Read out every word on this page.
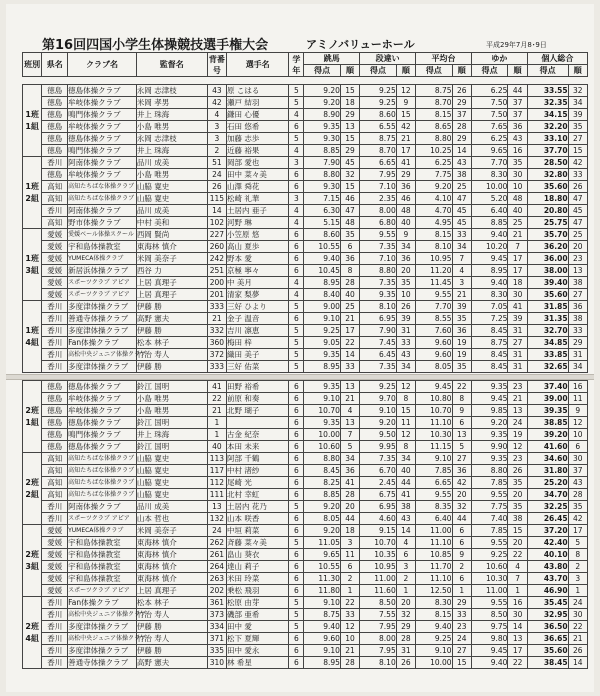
第16回四国小学生体操競技選手権大会	アミノバリューホール	平成29年7月8･9日
班別	県名	クラブ名	監督名	背番号	選手名	学年	跳馬		段違い		平均台		ゆか		個人総合	
							得点	順	得点	順	得点	順	得点	順	得点	順
1班1組	徳島	徳島体操クラブ	永岡 志津枝	43	原 こはる	5	9.20	15	9.25	12	8.75	26	6.25	44	33.55	32
	徳島	牟岐体操クラブ	米岡 孝男	42	瀬戸 結羽	5	9.20	18	9.25	9	8.70	29	7.50	37	32.35	34
	徳島	鳴門体操クラブ	井上 珠海	4	鎌田 心優	4	8.90	29	8.60	15	8.15	37	7.50	37	34.15	39
	徳島	牟岐体操クラブ	小島 唯男	3	石田 悠希	6	9.35	13	6.55	42	8.65	28	7.65	36	32.20	35
	徳島	徳島体操クラブ	永岡 志津枝	3	加藤 志歩	5	9.30	15	8.75	21	8.80	29	6.25	43	33.10	27
	徳島	鳴門体操クラブ	井上 珠海	2	近藤 裕果	4	8.85	29	8.70	17	10.25	14	9.65	16	37.70	15
1班2組	香川	阿南体操クラブ	品川 成美	51	岡部 愛也	3	7.90	45	6.65	41	6.25	43	7.70	35	28.50	42
	徳島	牟岐体操クラブ	小島 唯男	24	田中 菜々美	6	8.80	32	7.95	29	7.75	38	8.30	30	32.80	33
	高知	高知たちばな体操クラブ	山脇 寛史	26	山澤 舜花	6	9.30	15	7.10	36	9.20	25	10.00	10	35.60	26
	高知	高知たちばな体操クラブ	山脇 寛史	115	松崎 礼華	3	7.15	46	2.35	46	4.10	47	5.20	48	18.80	47
	香川	阿南体操クラブ	品川 成美	14	土居内 亜子	4	6.30	47	8.00	48	4.70	45	6.40	40	20.80	45
	高知	野市体操クラブ	中村 美和	102	河野 琳	4	5.15	48	6.80	40	4.95	45	8.85	25	25.75	47
1班3組	愛媛	愛媛ベール体操スクール	西岡 賢尚	227	小笠原 悠	6	8.60	35	9.55	9	8.15	33	9.40	21	35.70	25
	愛媛	宇和島体操教室	東海林 慎介	260	高山 夏歩	6	10.55	6	7.35	34	8.10	34	10.20	7	36.20	20
	愛媛	YUMECA体操クラブ	米岡 美奈子	242	野本 愛	6	9.40	36	7.10	36	10.95	7	9.45	17	36.00	23
	愛媛	新居浜体操クラブ	西谷 力	251	京極 寧々	6	10.45	8	8.80	20	11.20	4	8.95	17	38.00	13
	愛媛	スポーツクラブ アピア	上居 真理子	200	中 美月	4	8.95	28	7.35	35	11.45	3	9.40	18	39.40	38
	愛媛	スポーツクラブ アピア	上居 真理子	201	清家 梨夢	4	8.40	40	9.35	10	9.55	21	8.30	30	35.60	27
1班4組	香川	多度津体操クラブ	伊藤 勝	333	三好 ひより	5	9.00	25	8.10	26	7.70	39	7.05	41	31.85	36
	香川	善通寺体操クラブ	高野 憲夫	21	金子 温音	6	9.10	21	6.95	39	8.55	35	7.25	39	31.35	38
	香川	多度津体操クラブ	伊藤 勝	332	吉川 凛恵	5	9.25	17	7.90	31	7.60	36	8.45	31	32.70	33
	香川	Fan体操クラブ	松本 林子	360	梅田 梓	5	9.05	22	7.45	33	9.60	19	8.75	27	34.85	29
	香川	高松中央ジュニア体操クラブ	竹治 寿人	372	織田 美子	5	9.35	14	6.45	43	9.60	19	8.45	31	33.85	31
	香川	多度津体操クラブ	伊藤 勝	333	三好 佑菜	5	8.95	33	7.35	34	8.05	35	8.45	31	32.65	34
2班1組	徳島	徳島体操クラブ	鈴江 国明	41	田野 裕希	6	9.35	13	9.25	12	9.45	22	9.35	23	37.40	16
	徳島	牟岐体操クラブ	小島 唯男	22	前原 和奏	6	9.10	21	9.70	8	10.80	8	9.45	21	39.00	11
	徳島	牟岐体操クラブ	小島 唯男	21	北野 瑚子	6	10.70	4	9.10	15	10.70	9	9.85	13	39.35	9
	徳島	徳島体操クラブ	鈴江 国明	1		6	9.35	13	9.20	11	11.10	6	9.20	24	38.85	12
	徳島	鳴門体操クラブ	井上 珠海	1	古金 紀奈	6	10.00	7	9.50	12	10.30	13	9.35	19	39.20	10
	徳島	徳島体操クラブ	鈴江 国明	40	本田 未来	6	10.60	5	9.95	8	11.15	5	9.90	12	41.60	6
2班2組	高知	高知たちばな体操クラブ	山脇 寛史	113	阿部 千鶴	6	8.80	34	7.35	34	9.10	27	9.35	23	34.60	30
	高知	高知たちばな体操クラブ	山脇 寛史	117	中村 渚紗	6	8.45	36	6.70	40	7.85	36	8.80	26	31.80	37
	高知	高知たちばな体操クラブ	山脇 寛史	112	尾崎 光	6	8.25	41	2.45	44	6.65	42	7.85	35	25.20	43
	高知	高知たちばな体操クラブ	山脇 寛史	111	北村 幸虹	6	8.85	28	6.75	41	9.55	20	9.55	20	34.70	28
	香川	阿南体操クラブ	品川 成美	13	土居内 花乃	5	9.20	20	6.95	38	8.35	32	7.75	35	32.25	35
	香川	スポーツクラブ アピア	山本 哲也	132	山本 咲香	6	8.05	44	4.60	43	6.40	44	7.40	38	26.45	42
2班3組	愛媛	YUMECA体操クラブ	米岡 美奈子	24	中垣 莉菜	6	9.20	18	9.15	14	11.00	6	7.85	15	37.20	17
	愛媛	宇和島体操教室	東海林 慎介	262	斉藤 菜々美	5	11.05	3	10.70	4	11.10	6	9.55	20	42.40	5
	愛媛	宇和島体操教室	東海林 慎介	261	畠山 葵衣	6	9.65	11	10.35	6	10.85	9	9.25	22	40.10	8
	愛媛	宇和島体操教室	東海林 慎介	264	達山 莉子	6	10.55	6	10.95	3	11.70	2	10.60	4	43.80	2
	愛媛	宇和島体操教室	東海林 慎介	263	米田 玲菜	6	11.30	2	11.00	2	11.10	6	10.30	7	43.70	3
	愛媛	スポーツクラブ アピア	上居 真理子	202	乗松 飛羽	6	11.80	1	11.60	1	12.50	1	11.00	1	46.90	1
2班4組	香川	Fan体操クラブ	松本 林子	361	松原 由芽	5	9.10	22	8.50	20	8.30	29	9.55	16	35.45	24
	香川	高松中央ジュニア体操クラブ	竹治 寿人	373	磯部 亜希	5	8.75	33	7.55	32	8.15	33	8.50	30	32.95	30
	香川	多度津体操クラブ	伊藤 勝	334	田中 愛	5	9.40	12	7.95	29	9.40	23	9.75	14	36.50	22
	香川	高松中央ジュニア体操クラブ	竹治 寿人	371	松下 夏輝	6	9.60	10	8.00	28	9.25	24	9.80	13	36.65	21
	香川	多度津体操クラブ	伊藤 勝	335	田中 愛永	6	9.10	21	7.95	31	9.10	27	9.45	17	35.60	26
	香川	善通寺体操クラブ	高野 憲夫	310	林 希星	6	8.95	28	8.10	26	10.00	15	9.40	22	38.45	14
